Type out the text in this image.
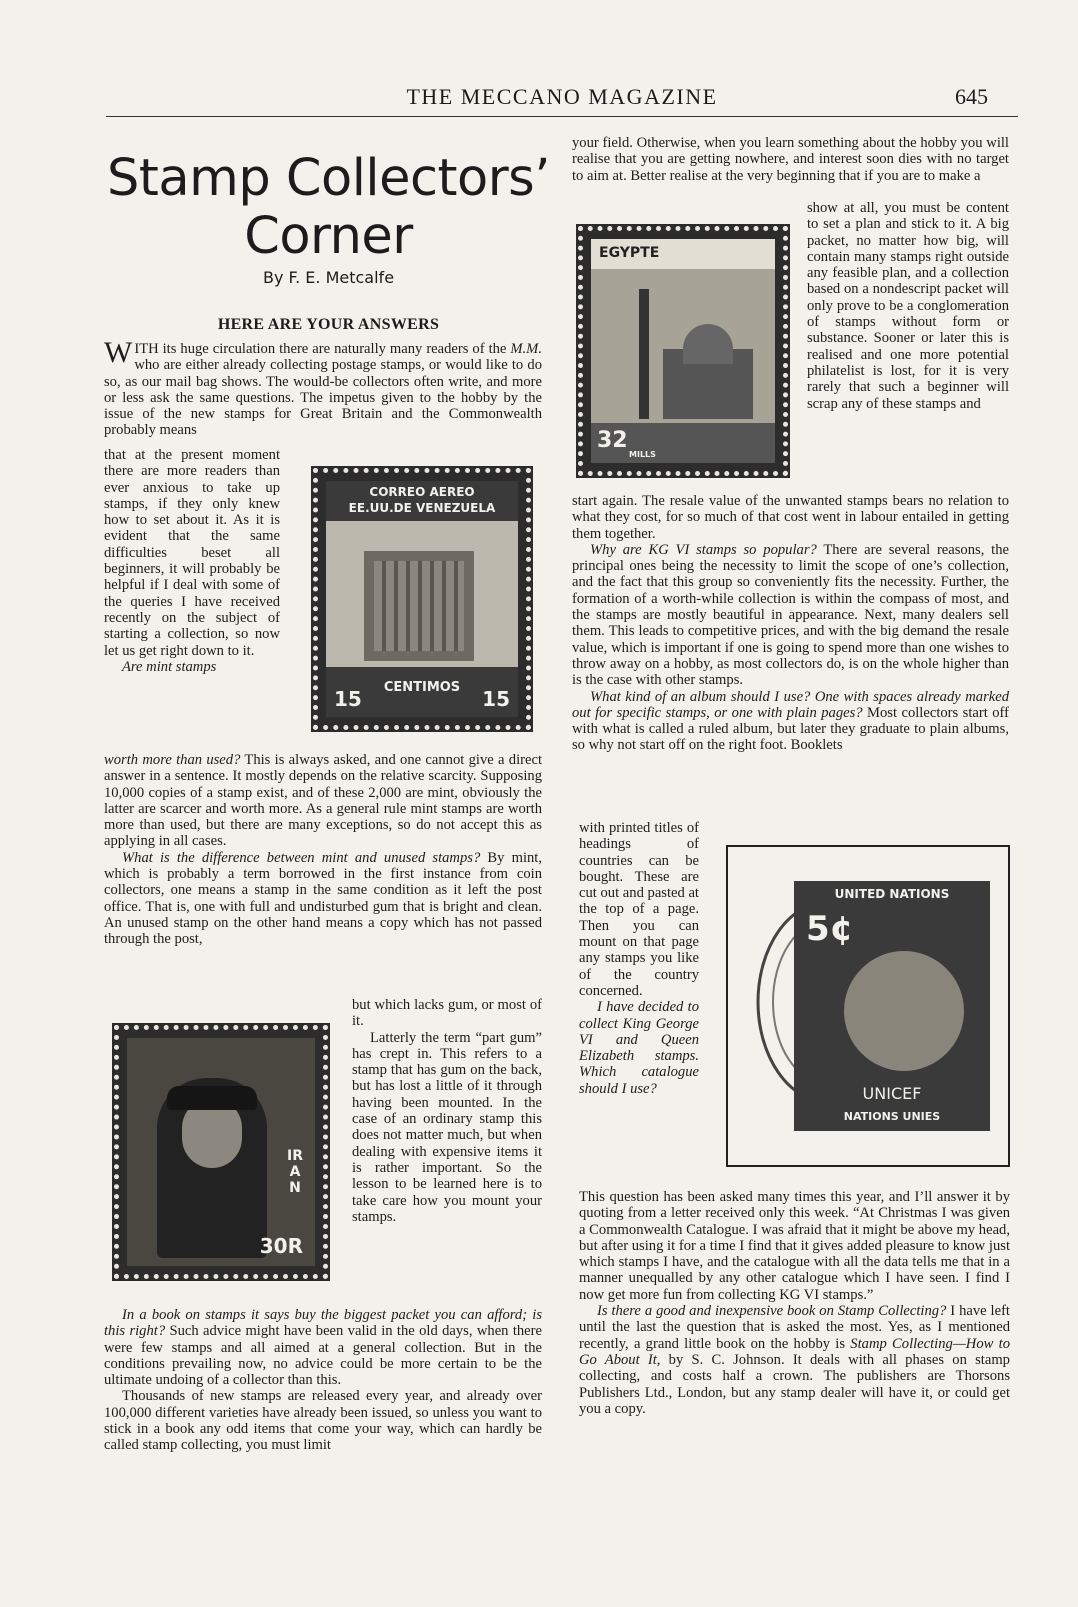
THE MECCANO MAGAZINE	645
Stamp Collectors’
Corner
By F. E. Metcalfe
HERE ARE YOUR ANSWERS

WITH its huge circulation there are naturally many readers of the M.M. who are either already collecting postage stamps, or would like to do so, as our mail bag shows. The would-be collectors often write, and more or less ask the same questions. The impetus given to the hobby by the issue of the new stamps for Great Britain and the Commonwealth probably means

that at the present moment there are more readers than ever anxious to take up stamps, if they only knew how to set about it. As it is evident that the same difficulties beset all beginners, it will probably be helpful if I deal with some of the queries I have received recently on the subject of starting a collection, so now let us get right down to it.

Are mint stamps

CORREO AEREO
EE.UU.DE VENEZUELA
CENTIMOS
15	15

worth more than used? This is always asked, and one cannot give a direct answer in a sentence. It mostly depends on the relative scarcity. Supposing 10,000 copies of a stamp exist, and of these 2,000 are mint, obviously the latter are scarcer and worth more. As a general rule mint stamps are worth more than used, but there are many exceptions, so do not accept this as applying in all cases.

What is the difference between mint and unused stamps? By mint, which is probably a term borrowed in the first instance from coin collectors, one means a stamp in the same condition as it left the post office. That is, one with full and undisturbed gum that is bright and clean. An unused stamp on the other hand means a copy which has not passed through the post,

but which lacks gum, or most of it.

Latterly the term “part gum” has crept in. This refers to a stamp that has gum on the back, but has lost a little of it through having been mounted. In the case of an ordinary stamp this does not matter much, but when dealing with expensive items it is rather important. So the lesson to be learned here is to take care how you mount your stamps.

IRAN
30R

In a book on stamps it says buy the biggest packet you can afford; is this right? Such advice might have been valid in the old days, when there were few stamps and all aimed at a general collection. But in the conditions prevailing now, no advice could be more certain to be the ultimate undoing of a collector than this.

Thousands of new stamps are released every year, and already over 100,000 different varieties have already been issued, so unless you want to stick in a book any odd items that come your way, which can hardly be called stamp collecting, you must limit

your field. Otherwise, when you learn something about the hobby you will realise that you are getting nowhere, and interest soon dies with no target to aim at. Better realise at the very beginning that if you are to make a

EGYPTE
32
MILLS

show at all, you must be content to set a plan and stick to it. A big packet, no matter how big, will contain many stamps right outside any feasible plan, and a collection based on a nondescript packet will only prove to be a conglomeration of stamps without form or substance. Sooner or later this is realised and one more potential philatelist is lost, for it is very rarely that such a beginner will scrap any of these stamps and

start again. The resale value of the unwanted stamps bears no relation to what they cost, for so much of that cost went in labour entailed in getting them together.

Why are KG VI stamps so popular? There are several reasons, the principal ones being the necessity to limit the scope of one’s collection, and the fact that this group so conveniently fits the necessity. Further, the formation of a worth-while collection is within the compass of most, and the stamps are mostly beautiful in appearance. Next, many dealers sell them. This leads to competitive prices, and with the big demand the resale value, which is important if one is going to spend more than one wishes to throw away on a hobby, as most collectors do, is on the whole higher than is the case with other stamps.

What kind of an album should I use? One with spaces already marked out for specific stamps, or one with plain pages? Most collectors start off with what is called a ruled album, but later they graduate to plain albums, so why not start off on the right foot. Booklets

with printed titles of headings of countries can be bought. These are cut out and pasted at the top of a page. Then you can mount on that page any stamps you like of the country concerned.

I have decided to collect King George VI and Queen Elizabeth stamps. Which catalogue should I use?

UNITED NATIONS
5¢
UNICEF
NATIONS UNIES

This question has been asked many times this year, and I’ll answer it by quoting from a letter received only this week. “At Christmas I was given a Commonwealth Catalogue. I was afraid that it might be above my head, but after using it for a time I find that it gives added pleasure to know just which stamps I have, and the catalogue with all the data tells me that in a manner unequalled by any other catalogue which I have seen. I find I now get more fun from collecting KG VI stamps.”

Is there a good and inexpensive book on Stamp Collecting? I have left until the last the question that is asked the most. Yes, as I mentioned recently, a grand little book on the hobby is Stamp Collecting—How to Go About It, by S. C. Johnson. It deals with all phases on stamp collecting, and costs half a crown. The publishers are Thorsons Publishers Ltd., London, but any stamp dealer will have it, or could get you a copy.
